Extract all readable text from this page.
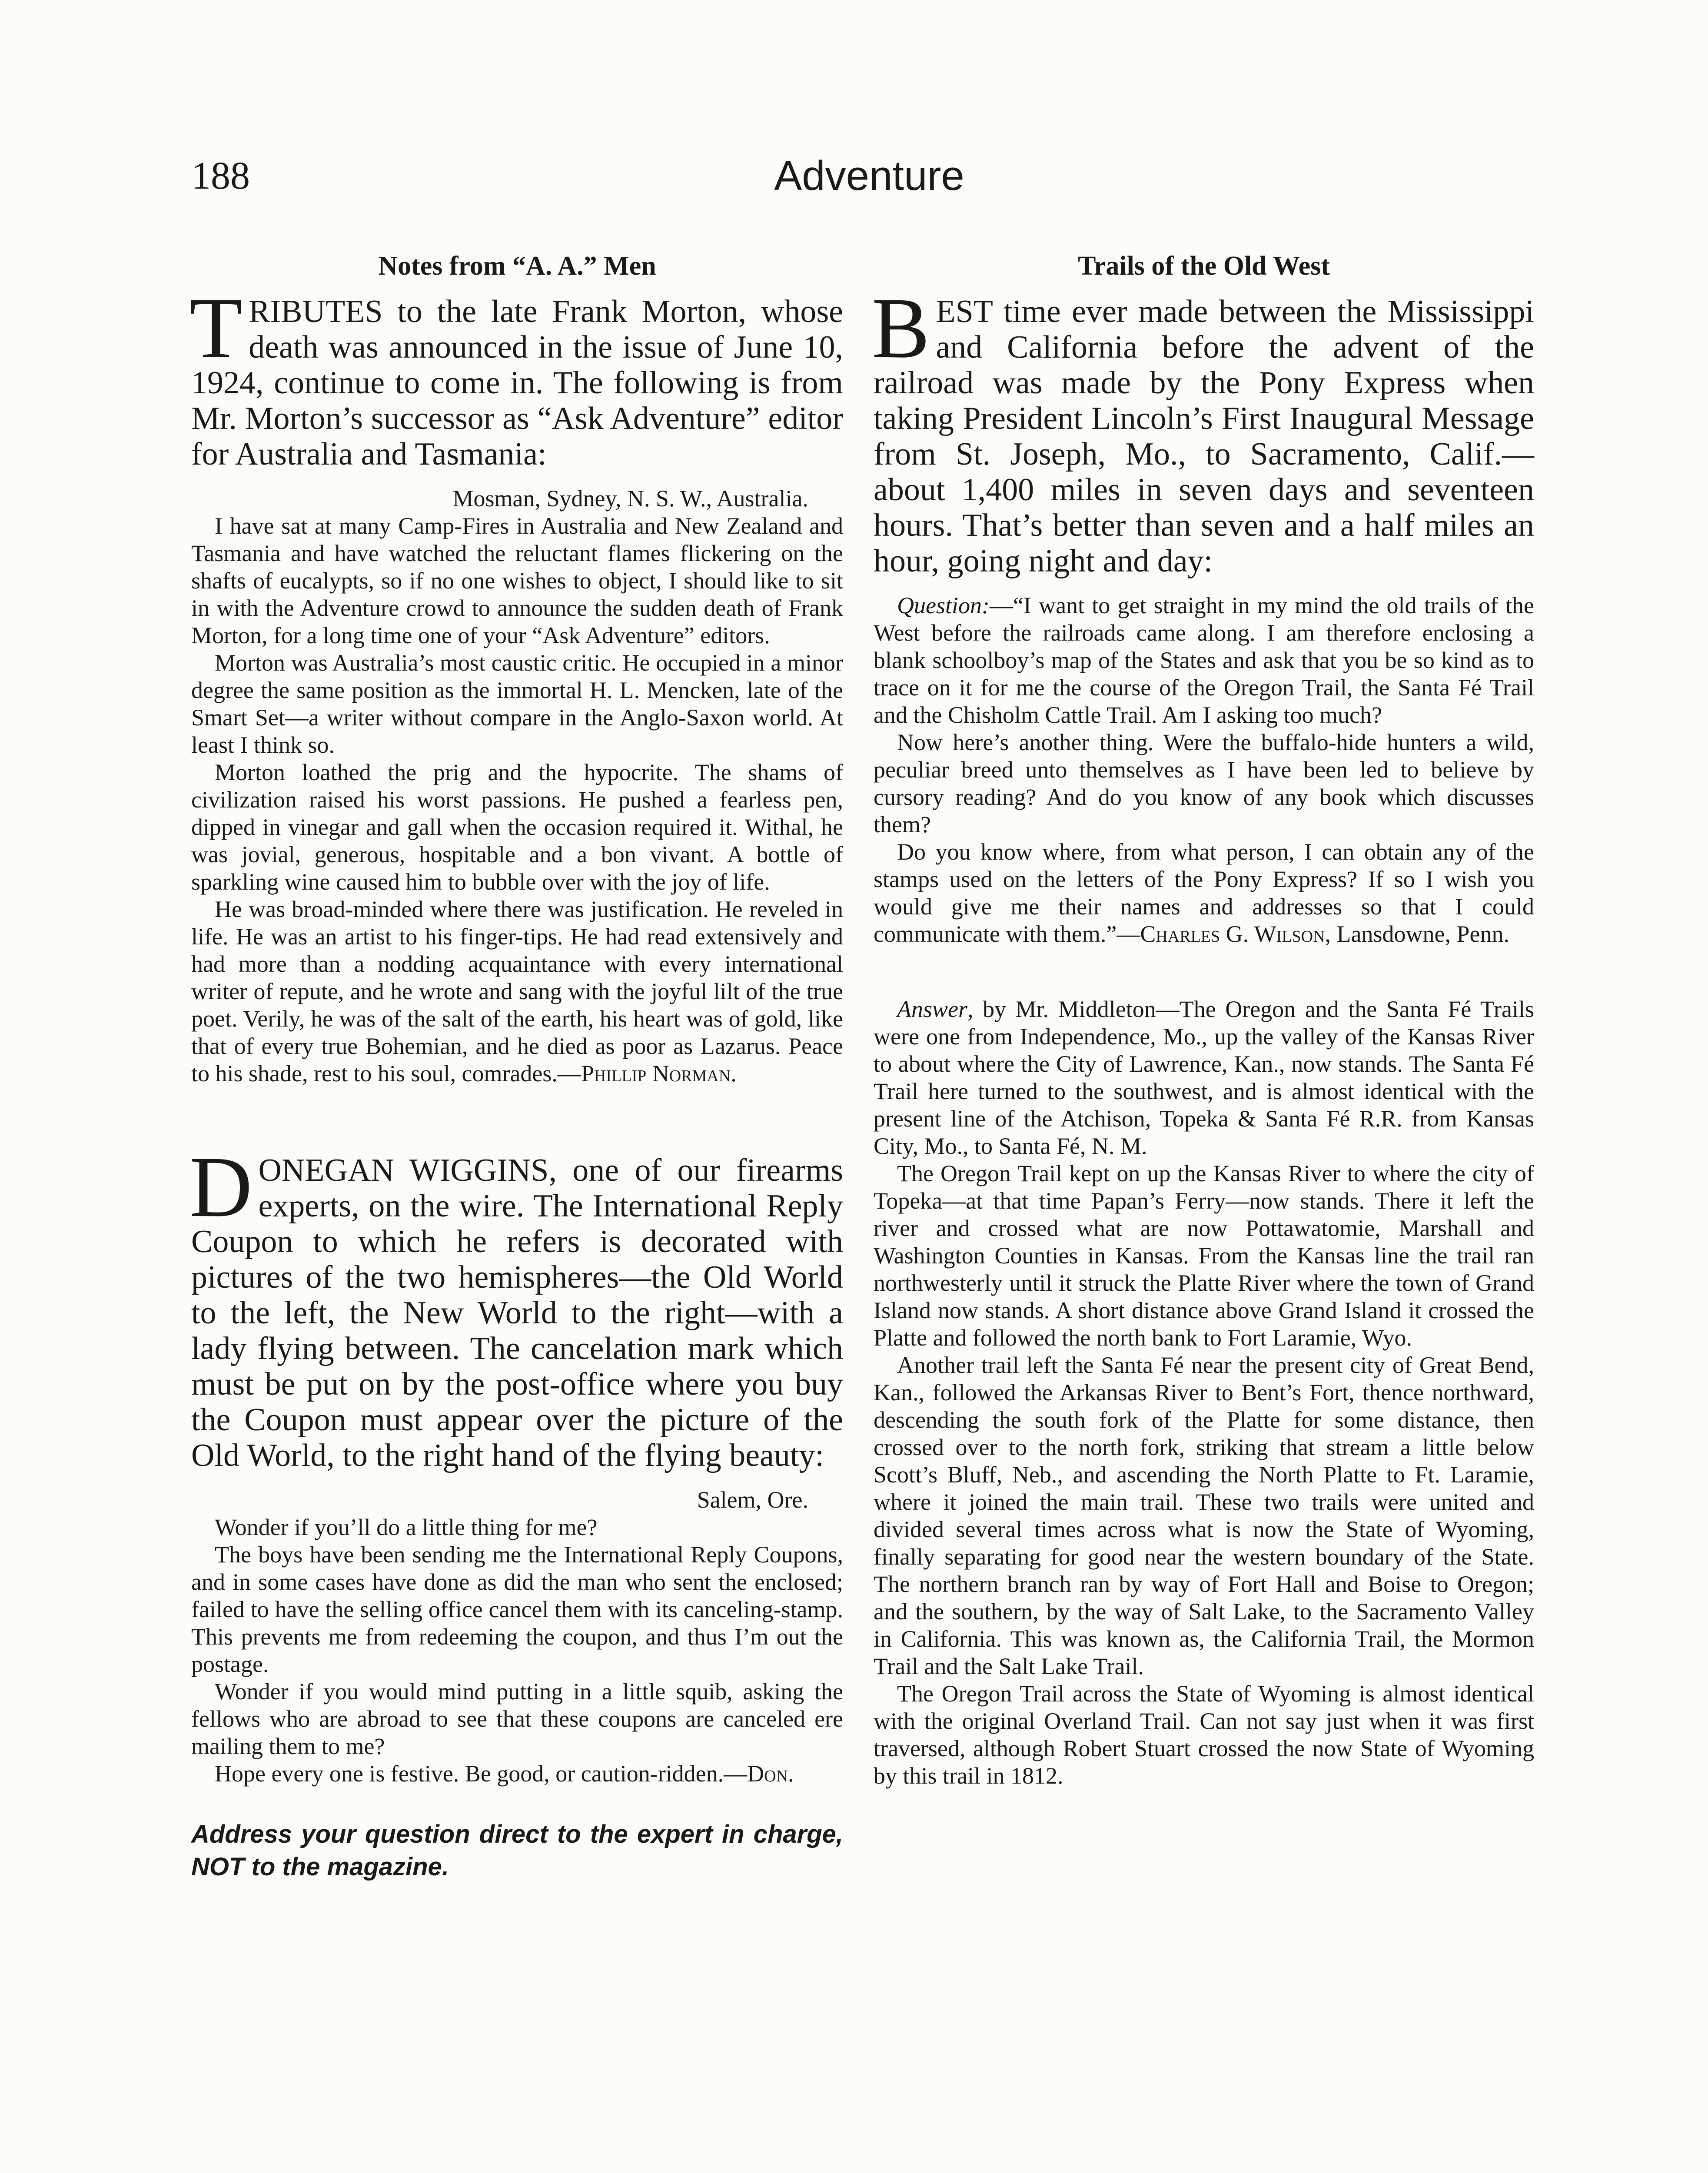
188	Adventure
Notes from “A. A.” Men

TRIBUTES to the late Frank Morton, whose death was announced in the issue of June 10, 1924, continue to come in. The following is from Mr. Morton’s successor as “Ask Adventure” editor for Australia and Tasmania:

Mosman, Sydney, N. S. W., Australia.

I have sat at many Camp-Fires in Australia and New Zealand and Tasmania and have watched the reluctant flames flickering on the shafts of eucalypts, so if no one wishes to object, I should like to sit in with the Adventure crowd to announce the sudden death of Frank Morton, for a long time one of your “Ask Adventure” editors.

Morton was Australia’s most caustic critic. He occupied in a minor degree the same position as the immortal H. L. Mencken, late of the Smart Set—a writer without compare in the Anglo-Saxon world. At least I think so.

Morton loathed the prig and the hypocrite. The shams of civilization raised his worst passions. He pushed a fearless pen, dipped in vinegar and gall when the occasion required it. Withal, he was jovial, generous, hospitable and a bon vivant. A bottle of sparkling wine caused him to bubble over with the joy of life.

He was broad-minded where there was justification. He reveled in life. He was an artist to his finger-tips. He had read extensively and had more than a nodding acquaintance with every international writer of repute, and he wrote and sang with the joyful lilt of the true poet. Verily, he was of the salt of the earth, his heart was of gold, like that of every true Bohemian, and he died as poor as Lazarus. Peace to his shade, rest to his soul, comrades.—Phillip Norman.

DONEGAN WIGGINS, one of our firearms experts, on the wire. The International Reply Coupon to which he refers is decorated with pictures of the two hemispheres—the Old World to the left, the New World to the right—with a lady flying between. The cancelation mark which must be put on by the post-office where you buy the Coupon must appear over the picture of the Old World, to the right hand of the flying beauty:

Salem, Ore.

Wonder if you’ll do a little thing for me?

The boys have been sending me the International Reply Coupons, and in some cases have done as did the man who sent the enclosed; failed to have the selling office cancel them with its canceling-stamp. This prevents me from redeeming the coupon, and thus I’m out the postage.

Wonder if you would mind putting in a little squib, asking the fellows who are abroad to see that these coupons are canceled ere mailing them to me?

Hope every one is festive. Be good, or caution-ridden.—Don.

Address your question direct to the expert in charge, NOT to the magazine.

Trails of the Old West

BEST time ever made between the Mississippi and California before the advent of the railroad was made by the Pony Express when taking President Lincoln’s First Inaugural Message from St. Joseph, Mo., to Sacramento, Calif.—about 1,400 miles in seven days and seventeen hours. That’s better than seven and a half miles an hour, going night and day:

Question:—“I want to get straight in my mind the old trails of the West before the railroads came along. I am therefore enclosing a blank schoolboy’s map of the States and ask that you be so kind as to trace on it for me the course of the Oregon Trail, the Santa Fé Trail and the Chisholm Cattle Trail. Am I asking too much?

Now here’s another thing. Were the buffalo-hide hunters a wild, peculiar breed unto themselves as I have been led to believe by cursory reading? And do you know of any book which discusses them?

Do you know where, from what person, I can obtain any of the stamps used on the letters of the Pony Express? If so I wish you would give me their names and addresses so that I could communicate with them.”—Charles G. Wilson, Lansdowne, Penn.

Answer, by Mr. Middleton—The Oregon and the Santa Fé Trails were one from Independence, Mo., up the valley of the Kansas River to about where the City of Lawrence, Kan., now stands. The Santa Fé Trail here turned to the southwest, and is almost identical with the present line of the Atchison, Topeka & Santa Fé R.R. from Kansas City, Mo., to Santa Fé, N. M.

The Oregon Trail kept on up the Kansas River to where the city of Topeka—at that time Papan’s Ferry—now stands. There it left the river and crossed what are now Pottawatomie, Marshall and Washington Counties in Kansas. From the Kansas line the trail ran northwesterly until it struck the Platte River where the town of Grand Island now stands. A short distance above Grand Island it crossed the Platte and followed the north bank to Fort Laramie, Wyo.

Another trail left the Santa Fé near the present city of Great Bend, Kan., followed the Arkansas River to Bent’s Fort, thence northward, descending the south fork of the Platte for some distance, then crossed over to the north fork, striking that stream a little below Scott’s Bluff, Neb., and ascending the North Platte to Ft. Laramie, where it joined the main trail. These two trails were united and divided several times across what is now the State of Wyoming, finally separating for good near the western boundary of the State. The northern branch ran by way of Fort Hall and Boise to Oregon; and the southern, by the way of Salt Lake, to the Sacramento Valley in California. This was known as, the California Trail, the Mormon Trail and the Salt Lake Trail.

The Oregon Trail across the State of Wyoming is almost identical with the original Overland Trail. Can not say just when it was first traversed, although Robert Stuart crossed the now State of Wyoming by this trail in 1812.
